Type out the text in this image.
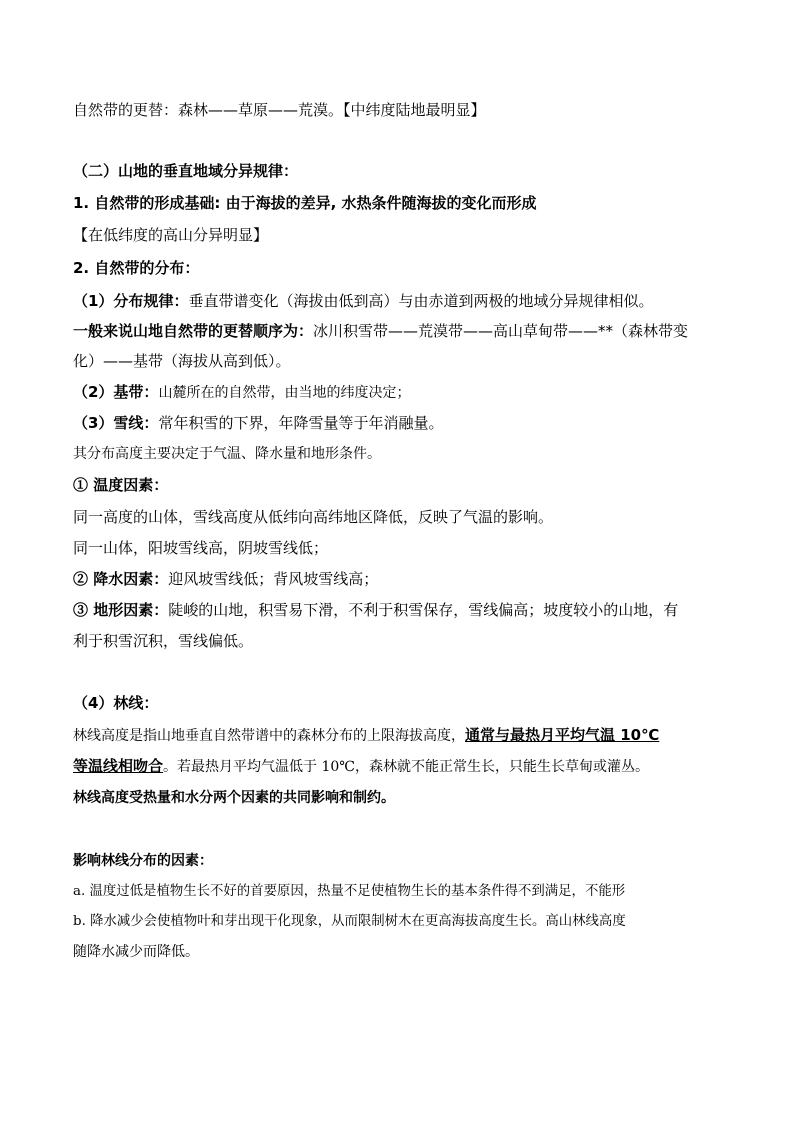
自然带的更替：森林——草原——荒漠。【中纬度陆地最明显】
（二）山地的垂直地域分异规律：
1. 自然带的形成基础: 由于海拔的差异, 水热条件随海拔的变化而形成
【在低纬度的高山分异明显】
2. 自然带的分布：
（1）分布规律：垂直带谱变化（海拔由低到高）与由赤道到两极的地域分异规律相似。
一般来说山地自然带的更替顺序为：冰川积雪带——荒漠带——高山草甸带——**（森林带变
化）——基带（海拔从高到低）。
（2）基带：山麓所在的自然带，由当地的纬度决定；
（3）雪线：常年积雪的下界，年降雪量等于年消融量。
其分布高度主要决定于气温、降水量和地形条件。
① 温度因素：
同一高度的山体，雪线高度从低纬向高纬地区降低，反映了气温的影响。
同一山体，阳坡雪线高，阴坡雪线低；
② 降水因素：迎风坡雪线低；背风坡雪线高；
③ 地形因素：陡峻的山地，积雪易下滑，不利于积雪保存，雪线偏高；坡度较小的山地，有
利于积雪沉积，雪线偏低。
（4）林线：
林线高度是指山地垂直自然带谱中的森林分布的上限海拔高度，通常与最热月平均气温 10℃
等温线相吻合。若最热月平均气温低于 10℃，森林就不能正常生长，只能生长草甸或灌丛。
林线高度受热量和水分两个因素的共同影响和制约。
影响林线分布的因素：
a. 温度过低是植物生长不好的首要原因，热量不足使植物生长的基本条件得不到满足，不能形
b. 降水减少会使植物叶和芽出现干化现象，从而限制树木在更高海拔高度生长。高山林线高度
随降水减少而降低。
